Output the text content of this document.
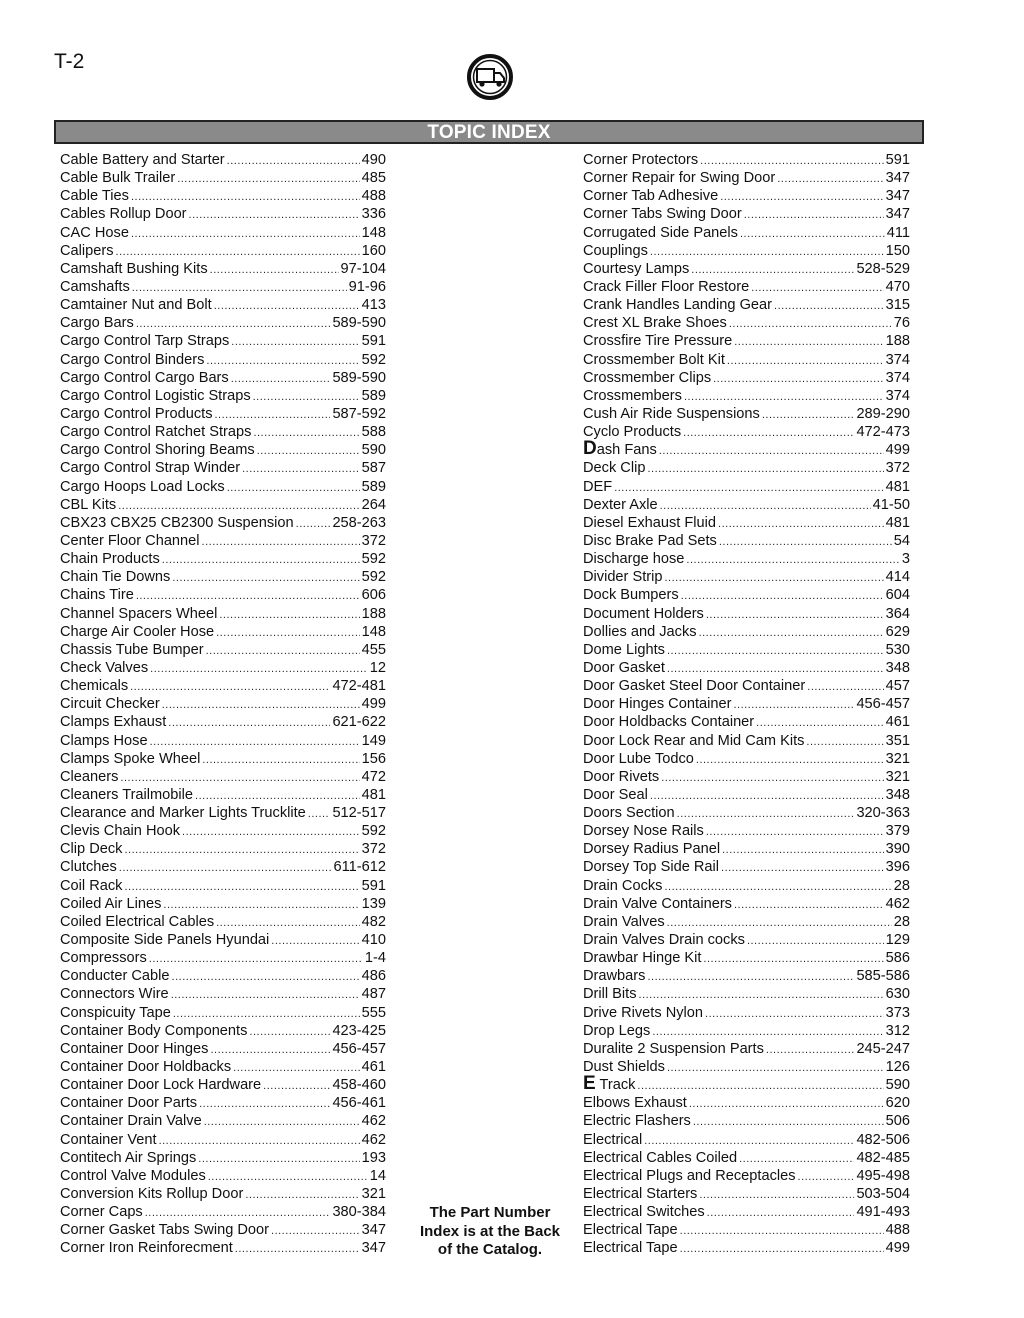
T-2
TOPIC INDEX
Cable Battery and Starter .....	490
Cable Bulk Trailer .....	485
Cable Ties .....	488
Cables Rollup Door .....	336
CAC Hose .....	148
Calipers .....	160
Camshaft Bushing Kits .....	97-104
Camshafts .....	91-96
Camtainer Nut and Bolt .....	413
Cargo Bars .....	589-590
Cargo Control Tarp Straps .....	591
Cargo Control Binders .....	592
Cargo Control Cargo Bars .....	589-590
Cargo Control Logistic Straps .....	589
Cargo Control Products .....	587-592
Cargo Control Ratchet Straps .....	588
Cargo Control Shoring Beams .....	590
Cargo Control Strap Winder .....	587
Cargo Hoops Load Locks .....	589
CBL Kits .....	264
CBX23 CBX25 CB2300 Suspension .....	258-263
Center Floor Channel .....	372
Chain Products .....	592
Chain Tie Downs .....	592
Chains Tire .....	606
Channel Spacers Wheel .....	188
Charge Air Cooler Hose .....	148
Chassis Tube Bumper .....	455
Check Valves .....	12
Chemicals .....	472-481
Circuit Checker .....	499
Clamps Exhaust .....	621-622
Clamps Hose .....	149
Clamps Spoke Wheel .....	156
Cleaners .....	472
Cleaners Trailmobile .....	481
Clearance and Marker Lights Trucklite ..... 512-517
Clevis Chain Hook .....	592
Clip Deck .....	372
Clutches .....	611-612
Coil Rack .....	591
Coiled Air Lines .....	139
Coiled Electrical Cables .....	482
Composite Side Panels Hyundai .....	410
Compressors .....	1-4
Conducter Cable .....	486
Connectors Wire .....	487
Conspicuity Tape .....	555
Container Body Components .....	423-425
Container Door Hinges .....	456-457
Container Door Holdbacks .....	461
Container Door Lock Hardware .....	458-460
Container Door Parts .....	456-461
Container Drain Valve .....	462
Container Vent .....	462
Contitech Air Springs .....	193
Control Valve Modules .....	14
Conversion Kits Rollup Door .....	321
Corner Caps .....	380-384
Corner Gasket Tabs Swing Door .....	347
Corner Iron Reinforecment .....	347
Corner Protectors .....	591
Corner Repair for Swing Door .....	347
Corner Tab Adhesive .....	347
Corner Tabs Swing Door .....	347
Corrugated Side Panels .....	411
Couplings .....	150
Courtesy Lamps .....	528-529
Crack Filler Floor Restore .....	470
Crank Handles Landing Gear .....	315
Crest XL Brake Shoes .....	76
Crossfire Tire Pressure .....	188
Crossmember Bolt Kit .....	374
Crossmember Clips .....	374
Crossmembers .....	374
Cush Air Ride Suspensions .....	289-290
Cyclo Products .....	472-473
Dash Fans .....	499
Deck Clip .....	372
DEF .....	481
Dexter Axle .....	41-50
Diesel Exhaust Fluid .....	481
Disc Brake Pad Sets .....	54
Discharge hose .....	3
Divider Strip .....	414
Dock Bumpers .....	604
Document Holders .....	364
Dollies and Jacks .....	629
Dome Lights .....	530
Door Gasket .....	348
Door Gasket Steel Door Container .....	457
Door Hinges Container .....	456-457
Door Holdbacks Container .....	461
Door Lock Rear and Mid Cam Kits .....	351
Door Lube Todco .....	321
Door Rivets .....	321
Door Seal .....	348
Doors Section .....	320-363
Dorsey Nose Rails .....	379
Dorsey Radius Panel .....	390
Dorsey Top Side Rail .....	396
Drain Cocks .....	28
Drain Valve Containers .....	462
Drain Valves .....	28
Drain Valves Drain cocks .....	129
Drawbar Hinge Kit .....	586
Drawbars .....	585-586
Drill Bits .....	630
Drive Rivets Nylon .....	373
Drop Legs .....	312
Duralite 2 Suspension Parts .....	245-247
Dust Shields .....	126
E Track .....	590
Elbows Exhaust .....	620
Electric Flashers .....	506
Electrical .....	482-506
Electrical Cables Coiled .....	482-485
Electrical Plugs and Receptacles .....	495-498
Electrical Starters .....	503-504
Electrical Switches .....	491-493
Electrical Tape .....	488
Electrical Tape .....	499
The Part Number
Index is at the Back
of the Catalog.
